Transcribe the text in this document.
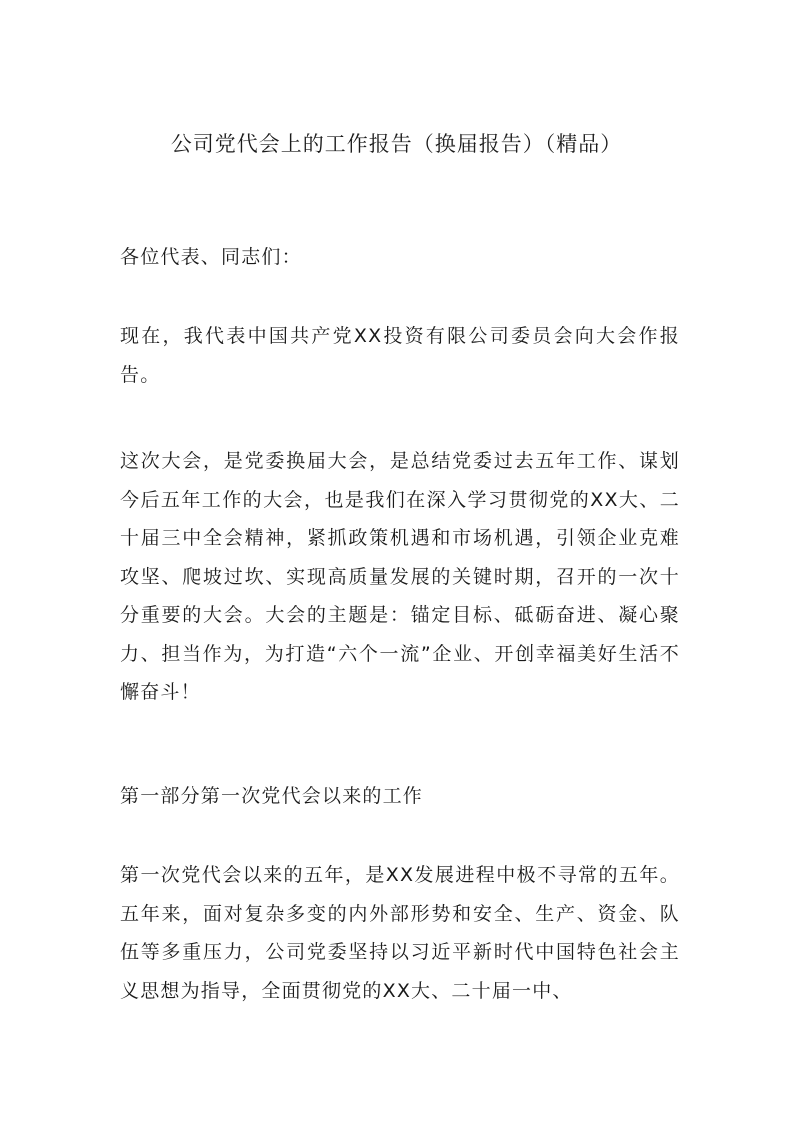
公司党代会上的工作报告（换届报告）（精品）

各位代表、同志们：

现在，我代表中国共产党XX投资有限公司委员会向大会作报告。

这次大会，是党委换届大会，是总结党委过去五年工作、谋划今后五年工作的大会，也是我们在深入学习贯彻党的XX大、二十届三中全会精神，紧抓政策机遇和市场机遇，引领企业克难攻坚、爬坡过坎、实现高质量发展的关键时期，召开的一次十分重要的大会。大会的主题是：锚定目标、砥砺奋进、凝心聚力、担当作为，为打造“六个一流”企业、开创幸福美好生活不懈奋斗！

第一部分第一次党代会以来的工作

第一次党代会以来的五年，是XX发展进程中极不寻常的五年。五年来，面对复杂多变的内外部形势和安全、生产、资金、队伍等多重压力，公司党委坚持以习近平新时代中国特色社会主义思想为指导，全面贯彻党的XX大、二十届一中、
